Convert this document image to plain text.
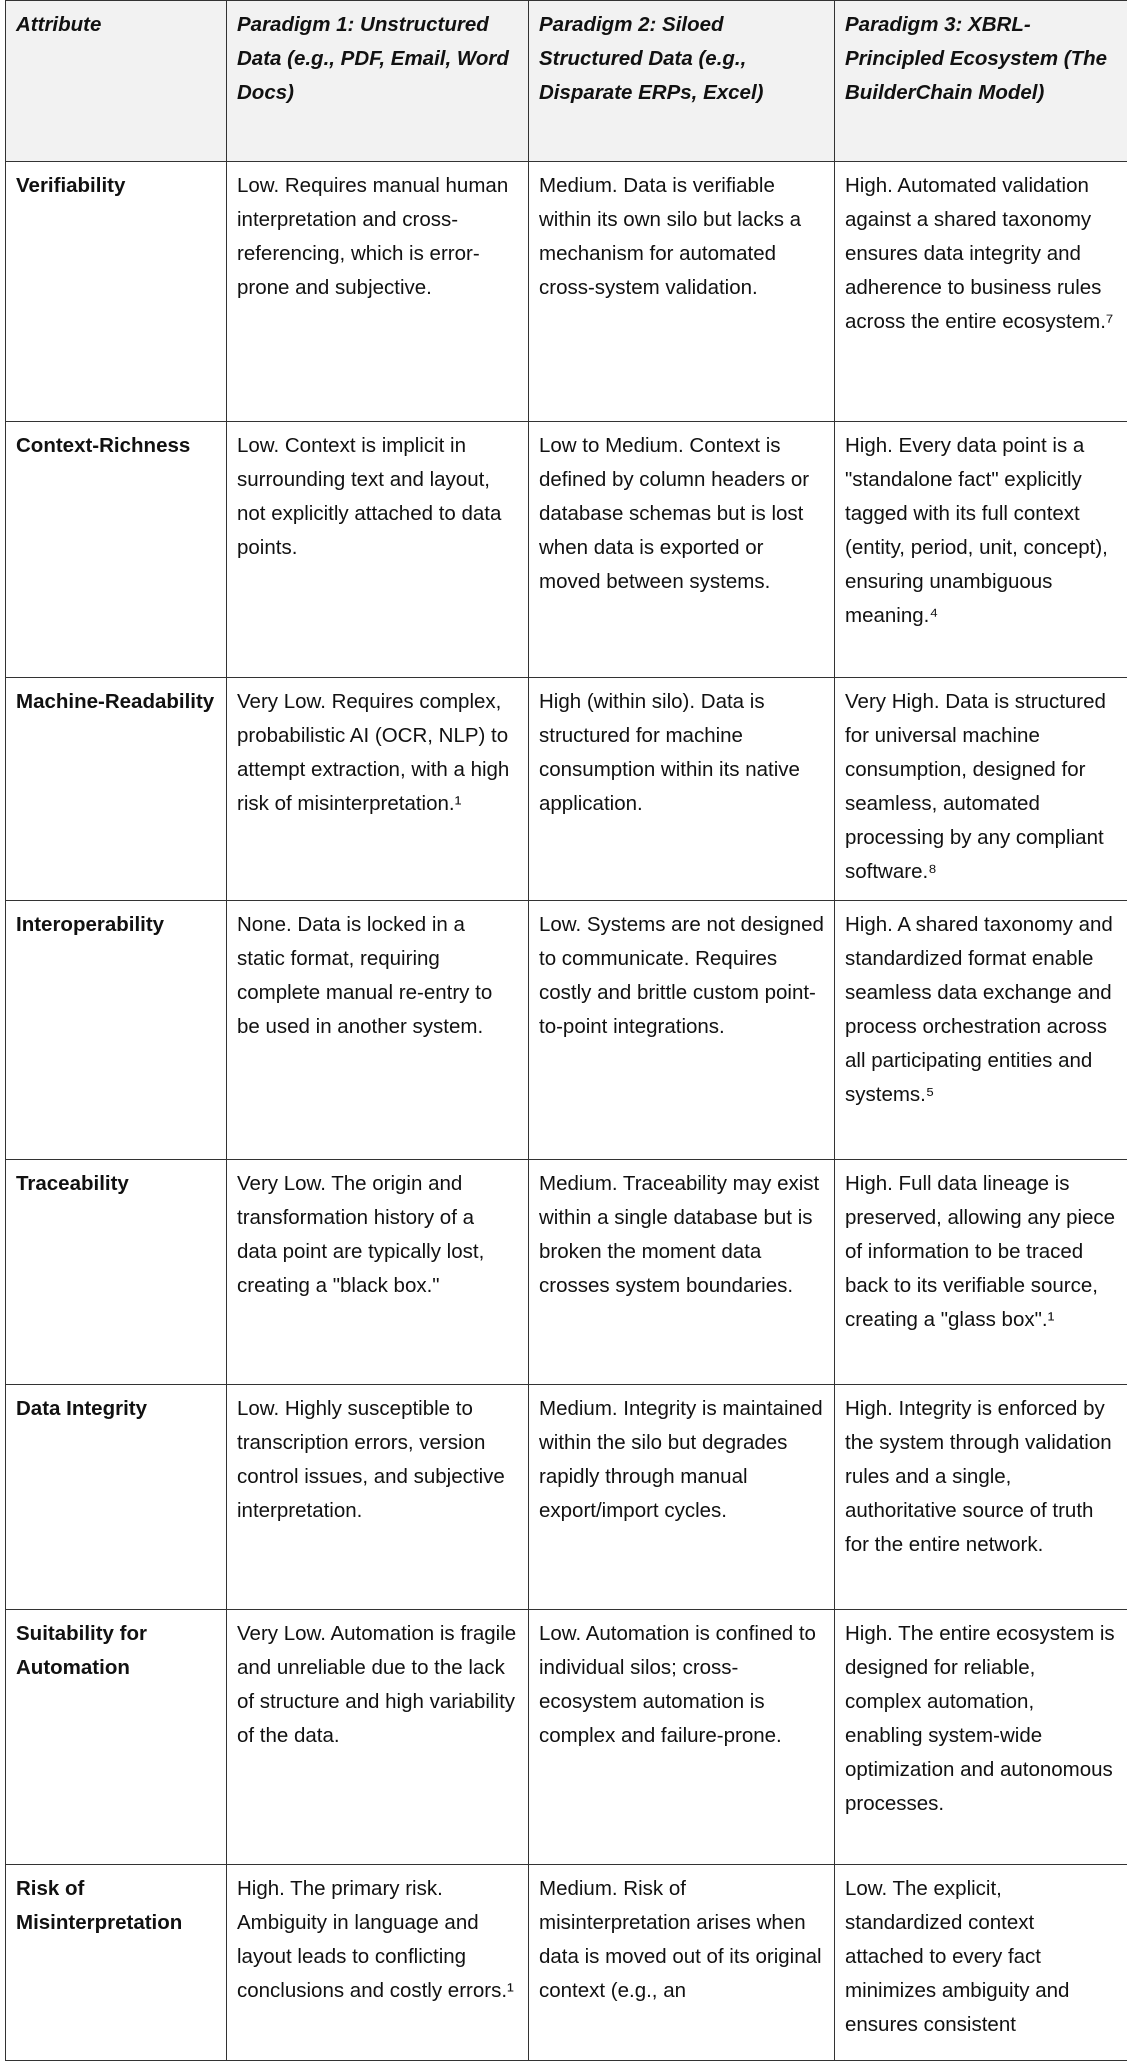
Attribute	Paradigm 1: Unstructured Data (e.g., PDF, Email, Word Docs)	Paradigm 2: Siloed Structured Data (e.g., Disparate ERPs, Excel)	Paradigm 3: XBRL-Principled Ecosystem (The BuilderChain Model)
Verifiability	Low. Requires manual human interpretation and cross-referencing, which is error-prone and subjective.	Medium. Data is verifiable within its own silo but lacks a mechanism for automated cross-system validation.	High. Automated validation against a shared taxonomy ensures data integrity and adherence to business rules across the entire ecosystem.⁷
Context-Richness	Low. Context is implicit in surrounding text and layout, not explicitly attached to data points.	Low to Medium. Context is defined by column headers or database schemas but is lost when data is exported or moved between systems.	High. Every data point is a "standalone fact" explicitly tagged with its full context (entity, period, unit, concept), ensuring unambiguous meaning.⁴
Machine-Readability	Very Low. Requires complex, probabilistic AI (OCR, NLP) to attempt extraction, with a high risk of misinterpretation.¹	High (within silo). Data is structured for machine consumption within its native application.	Very High. Data is structured for universal machine consumption, designed for seamless, automated processing by any compliant software.⁸
Interoperability	None. Data is locked in a static format, requiring complete manual re-entry to be used in another system.	Low. Systems are not designed to communicate. Requires costly and brittle custom point-to-point integrations.	High. A shared taxonomy and standardized format enable seamless data exchange and process orchestration across all participating entities and systems.⁵
Traceability	Very Low. The origin and transformation history of a data point are typically lost, creating a "black box."	Medium. Traceability may exist within a single database but is broken the moment data crosses system boundaries.	High. Full data lineage is preserved, allowing any piece of information to be traced back to its verifiable source, creating a "glass box".¹
Data Integrity	Low. Highly susceptible to transcription errors, version control issues, and subjective interpretation.	Medium. Integrity is maintained within the silo but degrades rapidly through manual export/import cycles.	High. Integrity is enforced by the system through validation rules and a single, authoritative source of truth for the entire network.
Suitability for Automation	Very Low. Automation is fragile and unreliable due to the lack of structure and high variability of the data.	Low. Automation is confined to individual silos; cross-ecosystem automation is complex and failure-prone.	High. The entire ecosystem is designed for reliable, complex automation, enabling system-wide optimization and autonomous processes.
Risk of Misinterpretation	High. The primary risk. Ambiguity in language and layout leads to conflicting conclusions and costly errors.¹	Medium. Risk of misinterpretation arises when data is moved out of its original context (e.g., an	Low. The explicit, standardized context attached to every fact minimizes ambiguity and ensures consistent
